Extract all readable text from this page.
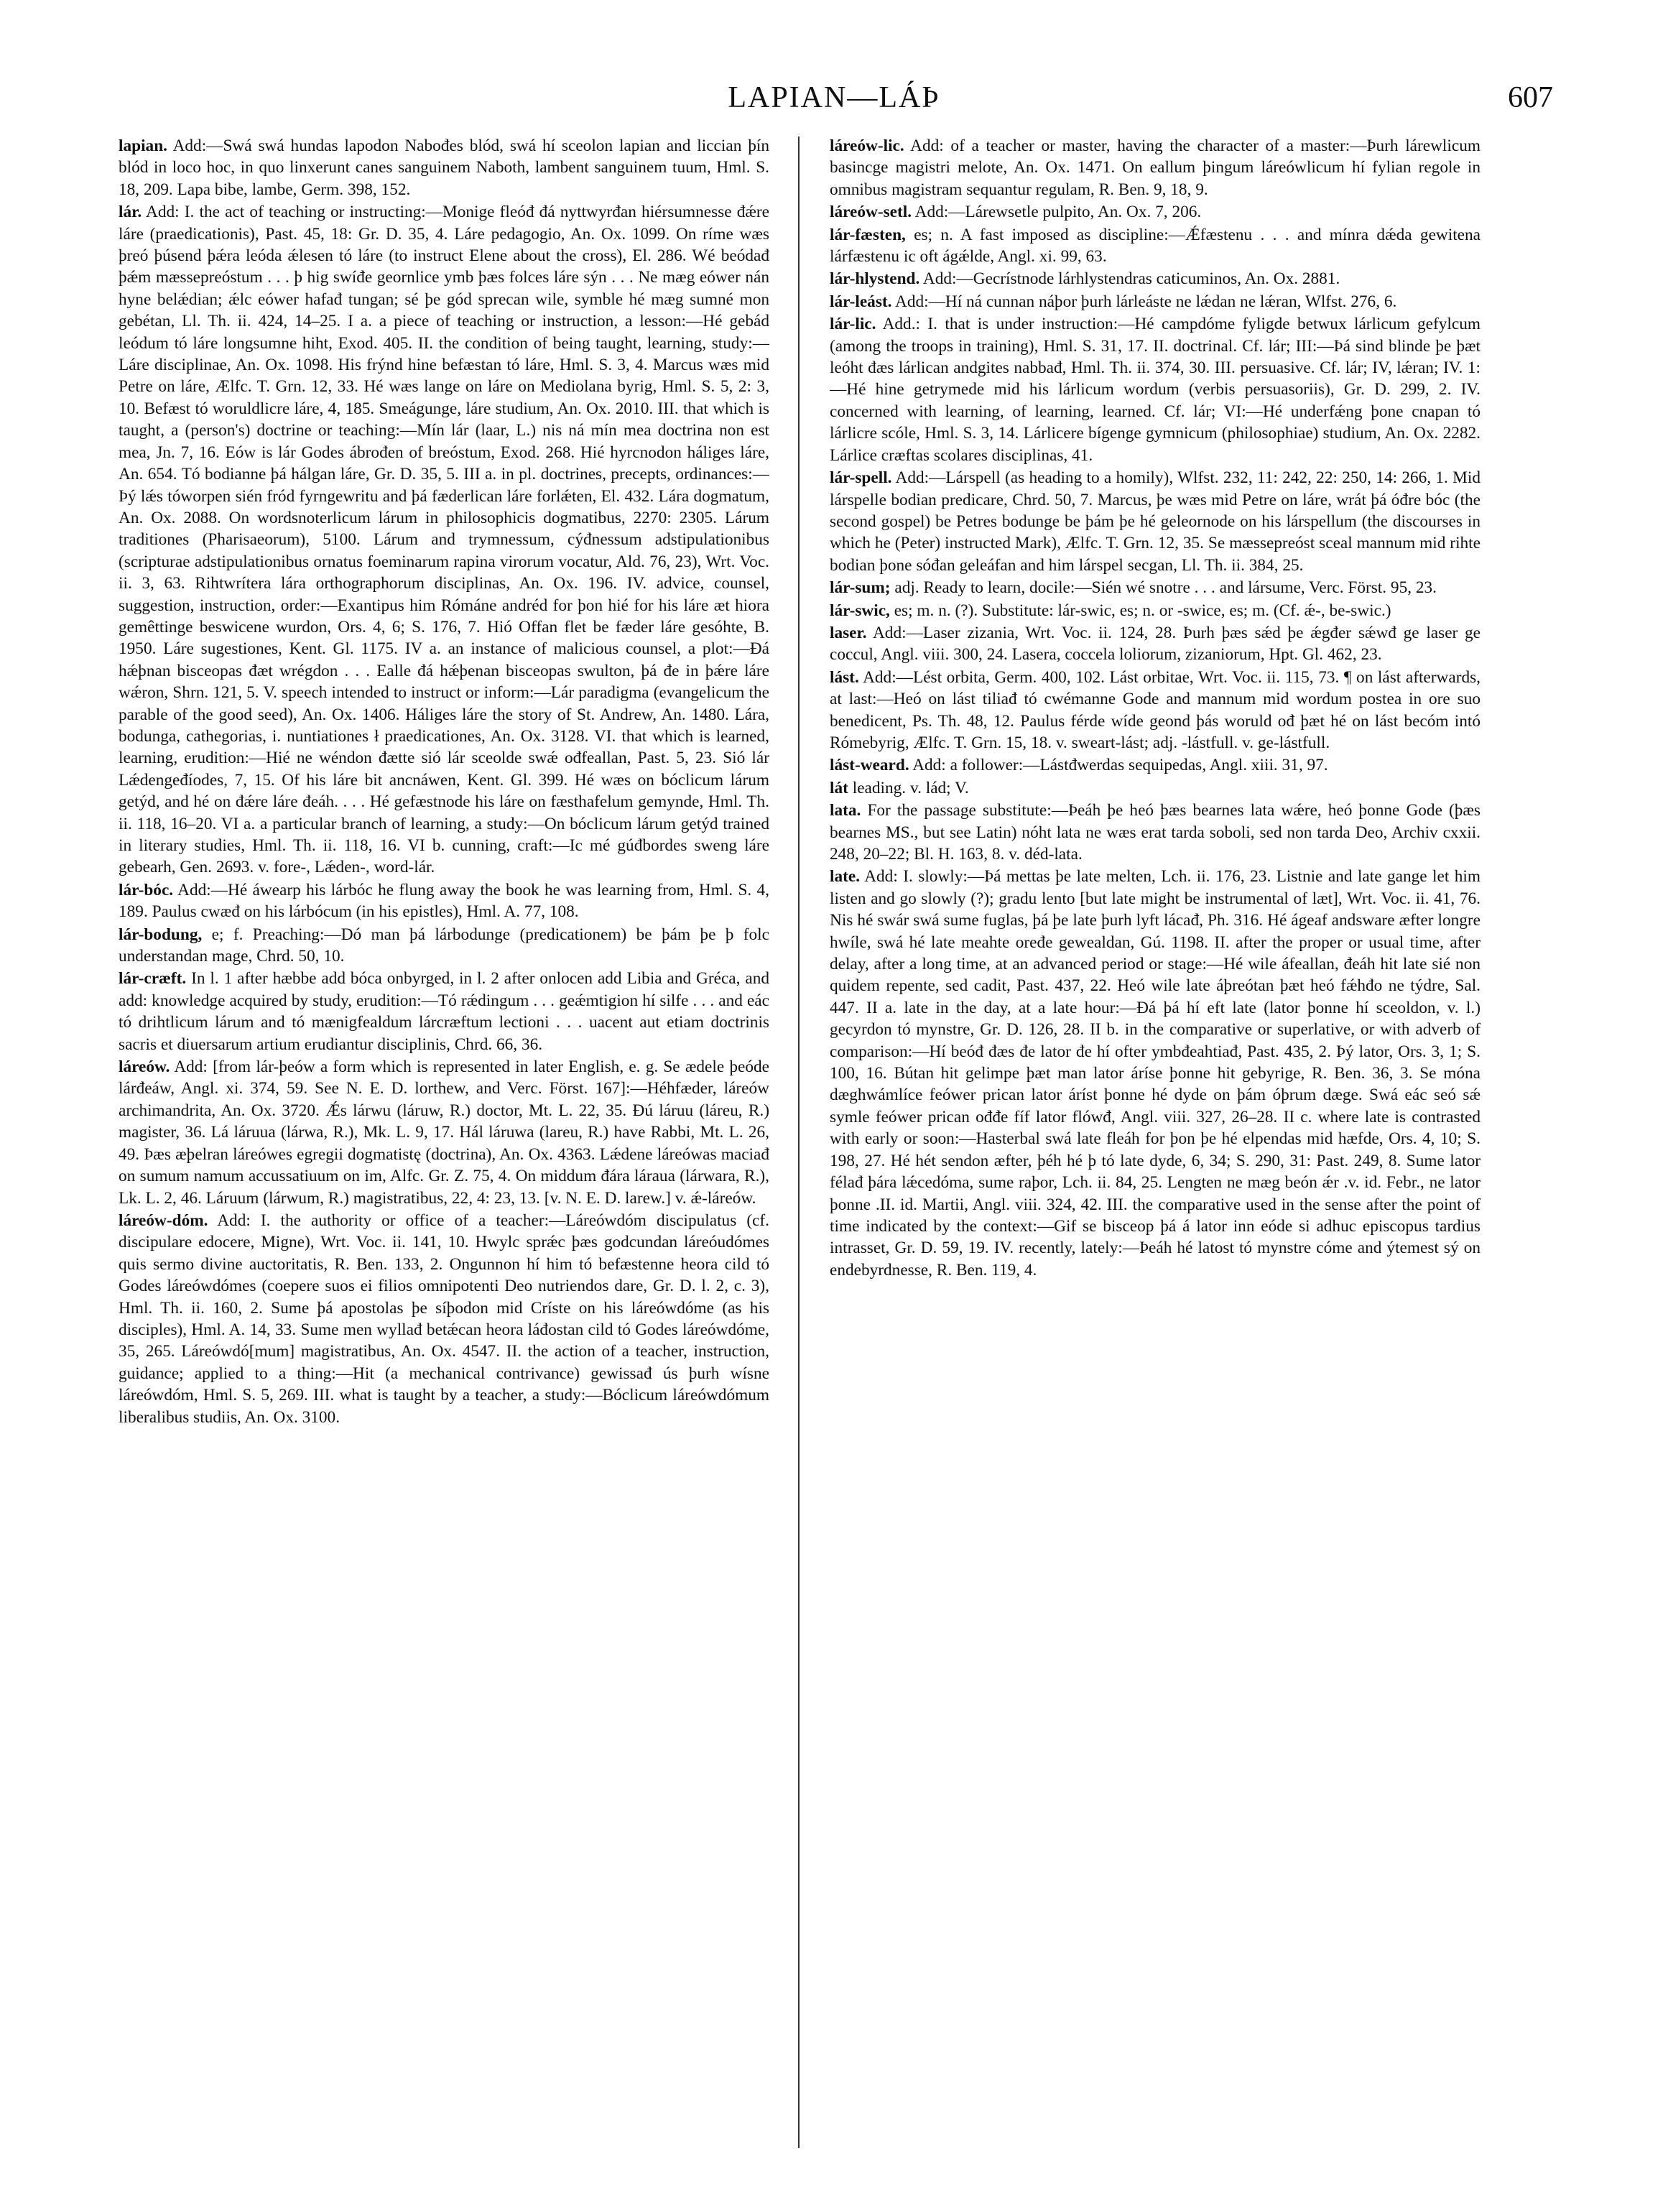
LAPIAN—LÁÞ	607

lapian. Add:—Swá swá hundas lapodon Nabođes blód, swá hí sceolon lapian and liccian þín blód in loco hoc, in quo linxerunt canes sanguinem Naboth, lambent sanguinem tuum, Hml. S. 18, 209. Lapa bibe, lambe, Germ. 398, 152.

lár. Add: I. the act of teaching or instructing:—Monige fleóđ đá nyttwyrđan hiérsumnesse đǽre láre (praedicationis), Past. 45, 18: Gr. D. 35, 4. Láre pedagogio, An. Ox. 1099. On ríme wæs þreó þúsend þǽra leóda ǽlesen tó láre (to instruct Elene about the cross), El. 286. Wé beódađ þǽm mæssepreóstum . . . þ hig swíđe geornlice ymb þæs folces láre sýn . . . Ne mæg eówer nán hyne belǽdian; ǽlc eówer hafađ tungan; sé þe gód sprecan wile, symble hé mæg sumné mon gebétan, Ll. Th. ii. 424, 14–25. I a. a piece of teaching or instruction, a lesson:—Hé gebád leódum tó láre longsumne hiht, Exod. 405. II. the condition of being taught, learning, study:—Láre disciplinae, An. Ox. 1098. His frýnd hine befæstan tó láre, Hml. S. 3, 4. Marcus wæs mid Petre on láre, Ælfc. T. Grn. 12, 33. Hé wæs lange on láre on Mediolana byrig, Hml. S. 5, 2: 3, 10. Befæst tó woruldlicre láre, 4, 185. Smeágunge, láre studium, An. Ox. 2010. III. that which is taught, a (person's) doctrine or teaching:—Mín lár (laar, L.) nis ná mín mea doctrina non est mea, Jn. 7, 16. Eów is lár Godes ábrođen of breóstum, Exod. 268. Hié hyrcnodon háliges láre, An. 654. Tó bodianne þá hálgan láre, Gr. D. 35, 5. III a. in pl. doctrines, precepts, ordinances:—Þý lǽs tóworpen sién fród fyrngewritu and þá fæderlican láre forlǽten, El. 432. Lára dogmatum, An. Ox. 2088. On wordsnoterlicum lárum in philosophicis dogmatibus, 2270: 2305. Lárum traditiones (Pharisaeorum), 5100. Lárum and trymnessum, cýđnessum adstipulationibus (scripturae adstipulationibus ornatus foeminarum rapina virorum vocatur, Ald. 76, 23), Wrt. Voc. ii. 3, 63. Rihtwrítera lára orthographorum disciplinas, An. Ox. 196. IV. advice, counsel, suggestion, instruction, order:—Exantipus him Rómáne andréd for þon hié for his láre æt hiora gemêttinge beswicene wurdon, Ors. 4, 6; S. 176, 7. Hió Offan flet be fæder láre gesóhte, B. 1950. Láre sugestiones, Kent. Gl. 1175. IV a. an instance of malicious counsel, a plot:—Đá hǽþnan bisceopas đæt wrégdon . . . Ealle đá hǽþenan bisceopas swulton, þá đe in þǽre láre wǽron, Shrn. 121, 5. V. speech intended to instruct or inform:—Lár paradigma (evangelicum the parable of the good seed), An. Ox. 1406. Háliges láre the story of St. Andrew, An. 1480. Lára, bodunga, cathegorias, i. nuntiationes ł praedicationes, An. Ox. 3128. VI. that which is learned, learning, erudition:—Hié ne wéndon đætte sió lár sceolde swǽ ođfeallan, Past. 5, 23. Sió lár Lǽdengeđíodes, 7, 15. Of his láre bit ancnáwen, Kent. Gl. 399. Hé wæs on bóclicum lárum getýd, and hé on đǽre láre đeáh. . . . Hé gefæstnode his láre on fæsthafelum gemynde, Hml. Th. ii. 118, 16–20. VI a. a particular branch of learning, a study:—On bóclicum lárum getýd trained in literary studies, Hml. Th. ii. 118, 16. VI b. cunning, craft:—Ic mé gúđbordes sweng láre gebearh, Gen. 2693. v. fore-, Lǽden-, word-lár.

lár-bóc. Add:—Hé áwearp his lárbóc he flung away the book he was learning from, Hml. S. 4, 189. Paulus cwæđ on his lárbócum (in his epistles), Hml. A. 77, 108.

lár-bodung, e; f. Preaching:—Dó man þá lárbodunge (predicationem) be þám þe þ folc understandan mage, Chrd. 50, 10.

lár-cræft. In l. 1 after hæbbe add bóca onbyrged, in l. 2 after onlocen add Libia and Gréca, and add: knowledge acquired by study, erudition:—Tó rǽdingum . . . geǽmtigion hí silfe . . . and eác tó drihtlicum lárum and tó mænigfealdum lárcræftum lectioni . . . uacent aut etiam doctrinis sacris et diuersarum artium erudiantur disciplinis, Chrd. 66, 36.

láreów. Add: [from lár-þeów a form which is represented in later English, e. g. Se ædele þeóde lárđeáw, Angl. xi. 374, 59. See N. E. D. lorthew, and Verc. Först. 167]:—Héhfæder, láreów archimandrita, An. Ox. 3720. Ǽs lárwu (láruw, R.) doctor, Mt. L. 22, 35. Đú láruu (láreu, R.) magister, 36. Lá láruua (lárwa, R.), Mk. L. 9, 17. Hál láruwa (lareu, R.) have Rabbi, Mt. L. 26, 49. Þæs æþelran láreówes egregii dogmatistę (doctrina), An. Ox. 4363. Lǽdene láreówas maciađ on sumum namum accussatiuum on im, Alfc. Gr. Z. 75, 4. On middum đára láraua (lárwara, R.), Lk. L. 2, 46. Láruum (lárwum, R.) magistratibus, 22, 4: 23, 13. [v. N. E. D. larew.] v. ǽ-láreów.

láreów-dóm. Add: I. the authority or office of a teacher:—Láreówdóm discipulatus (cf. discipulare edocere, Migne), Wrt. Voc. ii. 141, 10. Hwylc sprǽc þæs godcundan láreóudómes quis sermo divine auctoritatis, R. Ben. 133, 2. Ongunnon hí him tó befæstenne heora cild tó Godes láreówdómes (coepere suos ei filios omnipotenti Deo nutriendos dare, Gr. D. l. 2, c. 3), Hml. Th. ii. 160, 2. Sume þá apostolas þe síþodon mid Críste on his láreówdóme (as his disciples), Hml. A. 14, 33. Sume men wyllađ betǽcan heora láđostan cild tó Godes láreówdóme, 35, 265. Láreówdó[mum] magistratibus, An. Ox. 4547. II. the action of a teacher, instruction, guidance; applied to a thing:—Hit (a mechanical contrivance) gewissađ ús þurh wísne láreówdóm, Hml. S. 5, 269. III. what is taught by a teacher, a study:—Bóclicum láreówdómum liberalibus studiis, An. Ox. 3100.

láreów-lic. Add: of a teacher or master, having the character of a master:—Þurh lárewlicum basincge magistri melote, An. Ox. 1471. On eallum þingum láreówlicum hí fylian regole in omnibus magistram sequantur regulam, R. Ben. 9, 18, 9.

láreów-setl. Add:—Lárewsetle pulpito, An. Ox. 7, 206.

lár-fæsten, es; n. A fast imposed as discipline:—Ǽfæstenu . . . and mínra dǽda gewitena lárfæstenu ic oft ágǽlde, Angl. xi. 99, 63.

lár-hlystend. Add:—Gecrístnode lárhlystendras caticuminos, An. Ox. 2881.

lár-leást. Add:—Hí ná cunnan náþor þurh lárleáste ne lǽdan ne lǽran, Wlfst. 276, 6.

lár-lic. Add.: I. that is under instruction:—Hé campdóme fyligde betwux lárlicum gefylcum (among the troops in training), Hml. S. 31, 17. II. doctrinal. Cf. lár; III:—Þá sind blinde þe þæt leóht đæs lárlican andgites nabbađ, Hml. Th. ii. 374, 30. III. persuasive. Cf. lár; IV, lǽran; IV. 1:—Hé hine getrymede mid his lárlicum wordum (verbis persuasoriis), Gr. D. 299, 2. IV. concerned with learning, of learning, learned. Cf. lár; VI:—Hé underfǽng þone cnapan tó lárlicre scóle, Hml. S. 3, 14. Lárlicere bígenge gymnicum (philosophiae) studium, An. Ox. 2282. Lárlice cræftas scolares disciplinas, 41.

lár-spell. Add:—Lárspell (as heading to a homily), Wlfst. 232, 11: 242, 22: 250, 14: 266, 1. Mid lárspelle bodian predicare, Chrd. 50, 7. Marcus, þe wæs mid Petre on láre, wrát þá óđre bóc (the second gospel) be Petres bodunge be þám þe hé geleornode on his lárspellum (the discourses in which he (Peter) instructed Mark), Ælfc. T. Grn. 12, 35. Se mæssepreóst sceal mannum mid rihte bodian þone sóđan geleáfan and him lárspel secgan, Ll. Th. ii. 384, 25.

lár-sum; adj. Ready to learn, docile:—Sién wé snotre . . . and lársume, Verc. Först. 95, 23.

lár-swic, es; m. n. (?). Substitute: lár-swic, es; n. or -swice, es; m. (Cf. ǽ-, be-swic.)

laser. Add:—Laser zizania, Wrt. Voc. ii. 124, 28. Þurh þæs sǽd þe ǽgđer sǽwđ ge laser ge coccul, Angl. viii. 300, 24. Lasera, coccela loliorum, zizaniorum, Hpt. Gl. 462, 23.

lást. Add:—Lést orbita, Germ. 400, 102. Lást orbitae, Wrt. Voc. ii. 115, 73. ¶ on lást afterwards, at last:—Heó on lást tiliađ tó cwémanne Gode and mannum mid wordum postea in ore suo benedicent, Ps. Th. 48, 12. Paulus férde wíde geond þás woruld ođ þæt hé on lást becóm intó Rómebyrig, Ælfc. T. Grn. 15, 18. v. sweart-lást; adj. -lástfull. v. ge-lástfull.

lást-weard. Add: a follower:—Lástđwerdas sequipedas, Angl. xiii. 31, 97.

lát leading. v. lád; V.

lata. For the passage substitute:—Þeáh þe heó þæs bearnes lata wǽre, heó þonne Gode (þæs bearnes MS., but see Latin) nóht lata ne wæs erat tarda soboli, sed non tarda Deo, Archiv cxxii. 248, 20–22; Bl. H. 163, 8. v. déd-lata.

late. Add: I. slowly:—Þá mettas þe late melten, Lch. ii. 176, 23. Listnie and late gange let him listen and go slowly (?); gradu lento [but late might be instrumental of læt], Wrt. Voc. ii. 41, 76. Nis hé swár swá sume fuglas, þá þe late þurh lyft lácađ, Ph. 316. Hé ágeaf andsware æfter longre hwíle, swá hé late meahte oređe gewealdan, Gú. 1198. II. after the proper or usual time, after delay, after a long time, at an advanced period or stage:—Hé wile áfeallan, đeáh hit late sié non quidem repente, sed cadit, Past. 437, 22. Heó wile late áþreótan þæt heó fǽhđo ne týdre, Sal. 447. II a. late in the day, at a late hour:—Đá þá hí eft late (lator þonne hí sceoldon, v. l.) gecyrdon tó mynstre, Gr. D. 126, 28. II b. in the comparative or superlative, or with adverb of comparison:—Hí beóđ đæs đe lator đe hí ofter ymbđeahtiađ, Past. 435, 2. Þý lator, Ors. 3, 1; S. 100, 16. Bútan hit gelimpe þæt man lator áríse þonne hit gebyrige, R. Ben. 36, 3. Se móna dæghwámlíce feówer prican lator áríst þonne hé dyde on þám óþrum dæge. Swá eác seó sǽ symle feówer prican ođđe fíf lator flówđ, Angl. viii. 327, 26–28. II c. where late is contrasted with early or soon:—Hasterbal swá late fleáh for þon þe hé elpendas mid hæfde, Ors. 4, 10; S. 198, 27. Hé hét sendon æfter, þéh hé þ tó late dyde, 6, 34; S. 290, 31: Past. 249, 8. Sume lator félađ þára lǽcedóma, sume raþor, Lch. ii. 84, 25. Lengten ne mæg beón ǽr .v. id. Febr., ne lator þonne .II. id. Martii, Angl. viii. 324, 42. III. the comparative used in the sense after the point of time indicated by the context:—Gif se bisceop þá á lator inn eóde si adhuc episcopus tardius intrasset, Gr. D. 59, 19. IV. recently, lately:—Þeáh hé latost tó mynstre cóme and ýtemest sý on endebyrdnesse, R. Ben. 119, 4.
